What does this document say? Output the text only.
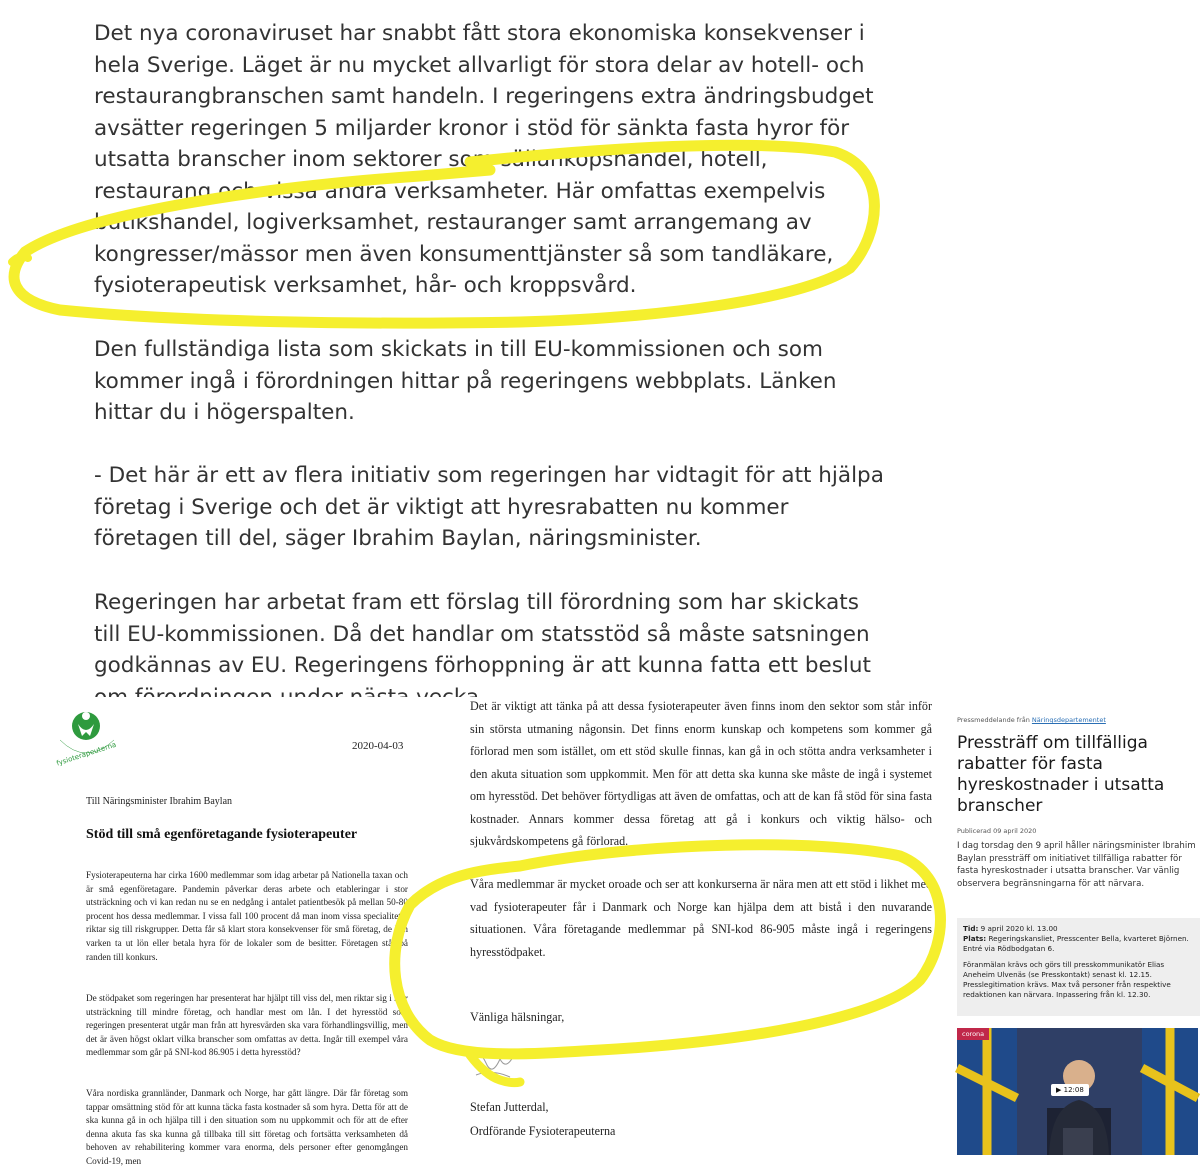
Det nya coronaviruset har snabbt fått stora ekonomiska konsekvenser i hela Sverige. Läget är nu mycket allvarligt för stora delar av hotell- och restaurangbranschen samt handeln. I regeringens extra ändringsbudget avsätter regeringen 5 miljarder kronor i stöd för sänkta fasta hyror för utsatta branscher inom sektorer som sällanköpshandel, hotell, restaurang och vissa andra verksamheter. Här omfattas exempelvis butikshandel, logiverksamhet, restauranger samt arrangemang av kongresser/mässor men även konsumenttjänster så som tandläkare, fysioterapeutisk verksamhet, hår- och kroppsvård.

Den fullständiga lista som skickats in till EU-kommissionen och som kommer ingå i förordningen hittar på regeringens webbplats. Länken hittar du i högerspalten.

- Det här är ett av flera initiativ som regeringen har vidtagit för att hjälpa företag i Sverige och det är viktigt att hyresrabatten nu kommer företagen till del, säger Ibrahim Baylan, näringsminister.

Regeringen har arbetat fram ett förslag till förordning som har skickats till EU-kommissionen. Då det handlar om statsstöd så måste satsningen godkännas av EU. Regeringens förhoppning är att kunna fatta ett beslut

fysioterapeuterna	2020-04-03
Till Näringsminister Ibrahim Baylan
Stöd till små egenföretagande fysioterapeuter

Fysioterapeuterna har cirka 1600 medlemmar som idag arbetar på Nationella taxan och är små egenföretagare. Pandemin påverkar deras arbete och etableringar i stor utsträckning och vi kan redan nu se en nedgång i antalet patientbesök på mellan 50-80 procent hos dessa medlemmar. I vissa fall 100 procent då man inom vissa specialiteter riktar sig till riskgrupper. Detta får så klart stora konsekvenser för små företag, de kan varken ta ut lön eller betala hyra för de lokaler som de besitter. Företagen står på randen till konkurs.

De stödpaket som regeringen har presenterat har hjälpt till viss del, men riktar sig i stor utsträckning till mindre företag, och handlar mest om lån. I det hyresstöd som regeringen presenterat utgår man från att hyresvärden ska vara förhandlingsvillig, men det är även högst oklart vilka branscher som omfattas av detta. Ingår till exempel våra medlemmar som går på SNI-kod 86.905 i detta hyresstöd?

Våra nordiska grannländer, Danmark och Norge, har gått längre. Där får företag som tappar omsättning stöd för att kunna täcka fasta kostnader så som hyra. Detta för att de ska kunna gå in och hjälpa till i den situation som nu uppkommit och för att de efter denna akuta fas ska kunna gå tillbaka till sitt företag och fortsätta verksamheten då behoven av rehabilitering kommer vara enorma, dels personer efter genomgången Covid-19, men

Det är viktigt att tänka på att dessa fysioterapeuter även finns inom den sektor som står inför sin största utmaning någonsin. Det finns enorm kunskap och kompetens som kommer gå förlorad men som istället, om ett stöd skulle finnas, kan gå in och stötta andra verksamheter i den akuta situation som uppkommit. Men för att detta ska kunna ske måste de ingå i systemet om hyresstöd. Det behöver förtydligas att även de omfattas, och att de kan få stöd för sina fasta kostnader. Annars kommer dessa företag att gå i konkurs och viktig hälso- och sjukvårdskompetens gå förlorad.

Våra medlemmar är mycket oroade och ser att konkurserna är nära men att ett stöd i likhet med vad fysioterapeuter får i Danmark och Norge kan hjälpa dem att bistå i den nuvarande situationen. Våra företagande medlemmar på SNI-kod 86-905 måste ingå i regeringens hyresstödpaket.

Vänliga hälsningar,
Stefan Jutterdal,
Ordförande Fysioterapeuterna
Pressmeddelande från Näringsdepartementet
Pressträff om tillfälliga rabatter för fasta hyreskostnader i utsatta branscher
Publicerad 09 april 2020

I dag torsdag den 9 april håller näringsminister Ibrahim Baylan pressträff om initiativet tillfälliga rabatter för fasta hyreskostnader i utsatta branscher. Var vänlig observera begränsningarna för att närvara.

Tid: 9 april 2020 kl. 13.00

Plats: Regeringskansliet, Presscenter Bella, kvarteret Björnen. Entré via Rödbodgatan 6.

Föranmälan krävs och görs till presskommunikatör Elias Aneheim Ulvenäs (se Presskontakt) senast kl. 12.15. Presslegitimation krävs. Max två personer från respektive redaktionen kan närvara. Inpassering från kl. 12.30.

corona
▶ 12:08
